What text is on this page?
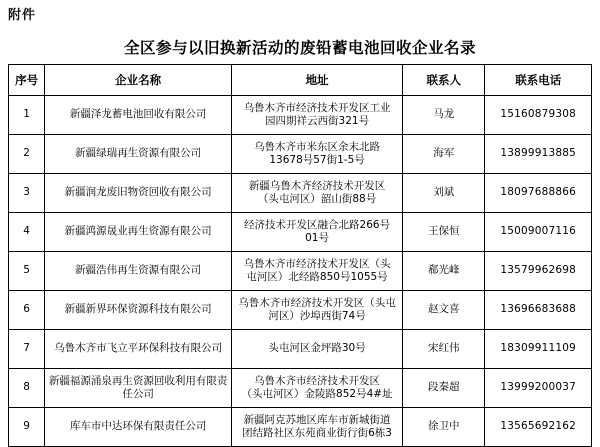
附件
全区参与以旧换新活动的废铅蓄电池回收企业名录
序号	企业名称	地址	联系人	联系电话
1	新疆泽龙蓄电池回收有限公司	乌鲁木齐市经济技术开发区工业
园四期祥云西街321号	马龙	15160879308
2	新疆绿瑞再生资源有限公司	乌鲁木齐市米东区余末北路
13678号57街1-5号	海军	13899913885
3	新疆润龙废旧物资回收有限公司	新疆乌鲁木齐经济技术开发区
（头屯河区）韶山街88号	刘斌	18097688866
4	新疆鸿源晟业再生资源有限公司	经济技术开发区融合北路266号
01号	王保恒	15009007116
5	新疆浩伟再生资源有限公司	乌鲁木齐市经济技术开发区（头
屯河区）北经路850号1055号	郗光峰	13579962698
6	新疆新界环保资源科技有限公司	乌鲁木齐市经济技术开发区（头屯
河区）沙埠西街74号	赵文喜	13696683688
7	乌鲁木齐市飞立平环保科技有限公司	头屯河区金坪路30号	宋红伟	18309911109
8	新疆福源涌泉再生资源回收利用有限责任公司	乌鲁木齐市经济技术开发区
（头屯河区）金陵路852号4#址	段秦超	13999200037
9	库车市中达环保有限责任公司	新疆阿克苏地区库车市新城街道
团结路社区东苑商业街行街6栋3	徐卫中	13565692162
